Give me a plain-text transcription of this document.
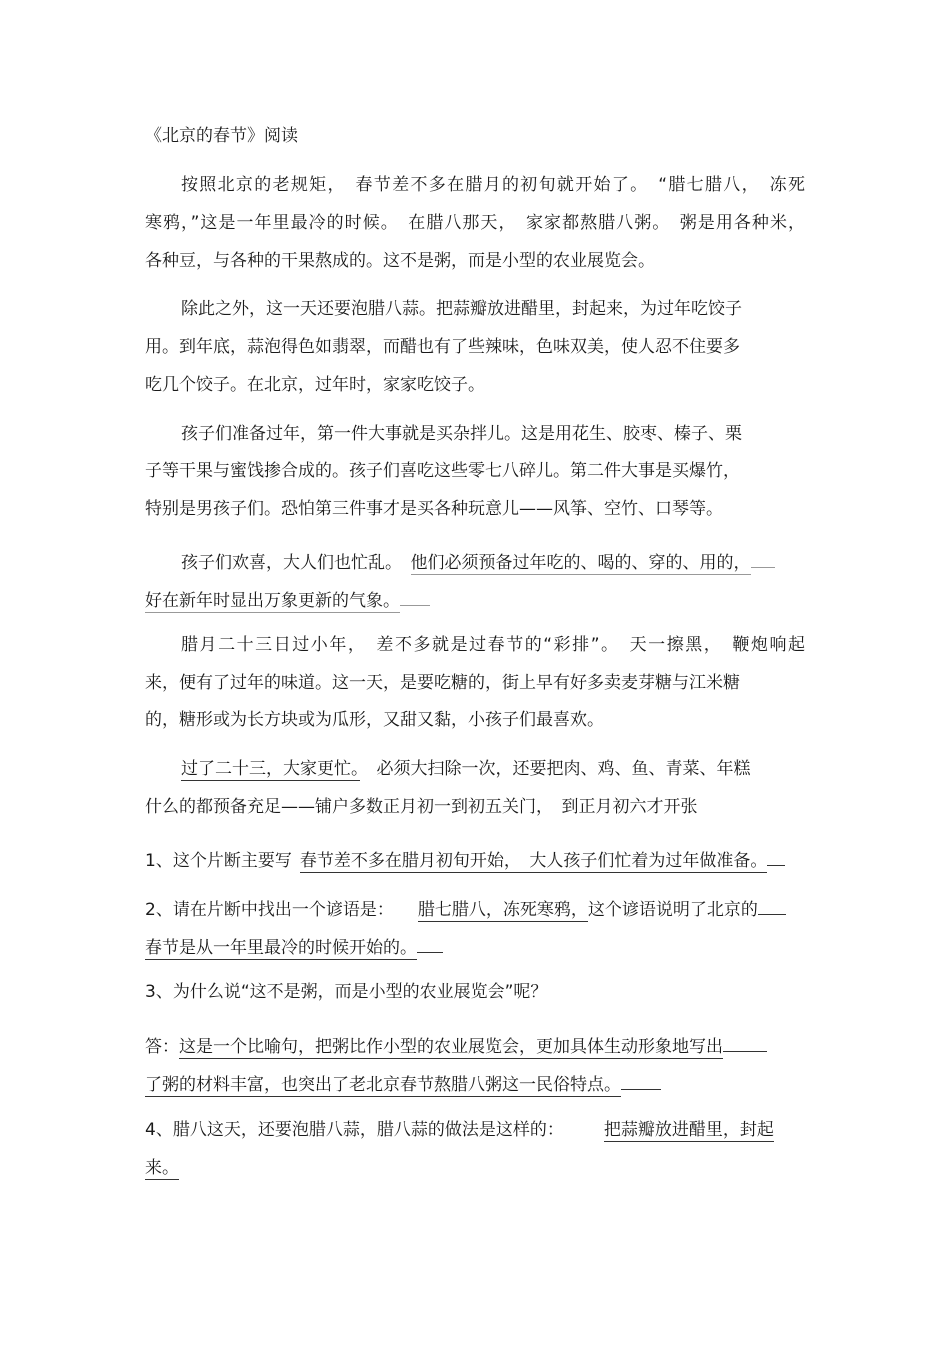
《北京的春节》阅读
按照北京的老规矩，　春节差不多在腊月的初旬就开始了。　“腊七腊八，　冻死
寒鸦，”这是一年里最冷的时候。　在腊八那天，　家家都熬腊八粥。　粥是用各种米，
各种豆，与各种的干果熬成的。这不是粥，而是小型的农业展览会。
除此之外，这一天还要泡腊八蒜。把蒜瓣放进醋里，封起来，为过年吃饺子
用。到年底，蒜泡得色如翡翠，而醋也有了些辣味，色味双美，使人忍不住要多
吃几个饺子。在北京，过年时，家家吃饺子。
孩子们准备过年，第一件大事就是买杂拌儿。这是用花生、胶枣、榛子、栗
子等干果与蜜饯掺合成的。孩子们喜吃这些零七八碎儿。第二件大事是买爆竹，
特别是男孩子们。恐怕第三件事才是买各种玩意儿——风筝、空竹、口琴等。
孩子们欢喜，大人们也忙乱。　他们必须预备过年吃的、喝的、穿的、用的，
好在新年时显出万象更新的气象。
腊月二十三日过小年，　差不多就是过春节的“彩排”。　天一擦黑，　鞭炮响起
来，便有了过年的味道。这一天，是要吃糖的，街上早有好多卖麦芽糖与江米糖
的，糖形或为长方块或为瓜形，又甜又黏，小孩子们最喜欢。
过了二十三，大家更忙。　必须大扫除一次，还要把肉、鸡、鱼、青菜、年糕
什么的都预备充足——铺户多数正月初一到初五关门，　到正月初六才开张
1、这个片断主要写 春节差不多在腊月初旬开始，　大人孩子们忙着为过年做准备。
2、请在片断中找出一个谚语是： 腊七腊八，冻死寒鸦，这个谚语说明了北京的
春节是从一年里最冷的时候开始的。
3、为什么说“这不是粥，而是小型的农业展览会”呢？
答：这是一个比喻句，把粥比作小型的农业展览会，更加具体生动形象地写出
了粥的材料丰富，也突出了老北京春节熬腊八粥这一民俗特点。
4、腊八这天，还要泡腊八蒜，腊八蒜的做法是这样的： 把蒜瓣放进醋里，封起
来。
